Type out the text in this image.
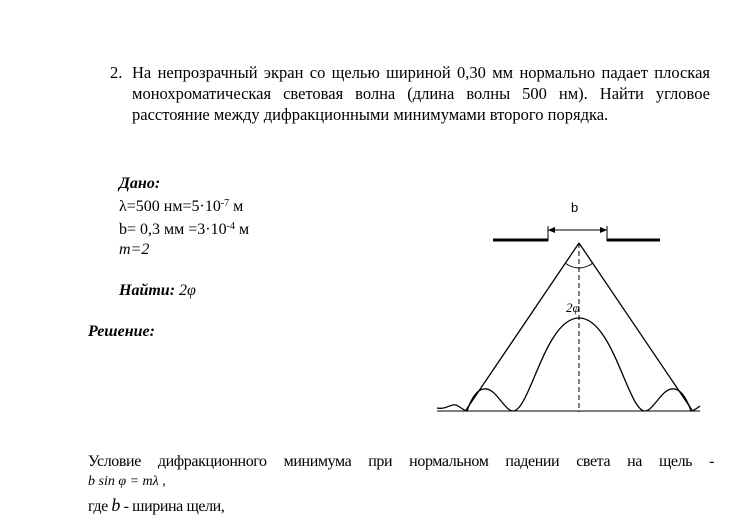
2. На непрозрачный экран со щелью шириной 0,30 мм нормально падает плоская монохроматическая световая волна (длина волны 500 нм). Найти угловое расстояние между дифракционными минимумами второго порядка.
Дано:
λ=500 $нм=5\cdot 10^{-7}$ м
b= 0,3 мм $=3\cdot 10^{-4}$ м
m=2
Найти: 2φ
Решение:
b
2φ
Условие дифракционного минимума при нормальном падении света на щель -
b sin φ = mλ ,
где b - ширина щели,
